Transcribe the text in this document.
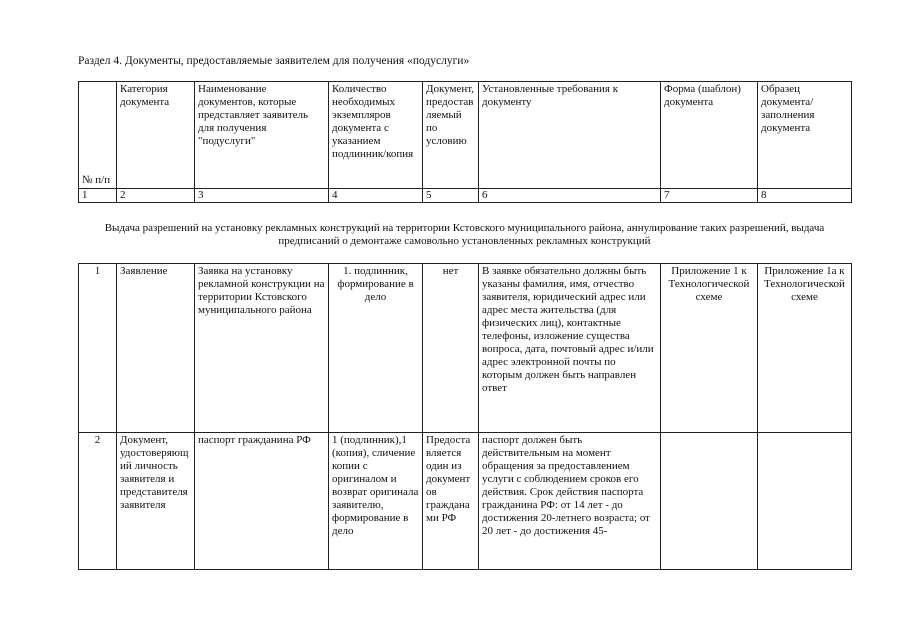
Раздел 4. Документы, предоставляемые заявителем для получения «подуслуги»
№ п/п	Категория документа	Наименование документов, которые представляет заявитель для получения "подуслуги"	Количество необходимых экземпляров документа с указанием подлинник/копия	Документ, предоставляемый по условию	Установленные требования к документу	Форма (шаблон) документа	Образец документа/заполнения документа
1	2	3	4	5	6	7	8
Выдача разрешений на установку рекламных конструкций на территории Кстовского муниципального района, аннулирование таких разрешений, выдача предписаний о демонтаже самовольно установленных рекламных конструкций
1	Заявление	Заявка на установку рекламной конструкции на территории Кстовского муниципального района	1. подлинник, формирование в дело	нет	В заявке обязательно должны быть указаны фамилия, имя, отчество заявителя, юридический адрес или адрес места жительства (для физических лиц), контактные телефоны, изложение существа вопроса, дата, почтовый адрес и/или адрес электронной почты по которым должен быть направлен ответ	Приложение 1 к Технологической схеме	Приложение 1а к Технологической схеме
2	Документ, удостоверяющий личность заявителя и представителя заявителя	паспорт гражданина РФ	1 (подлинник),1 (копия), сличение копии с оригиналом и возврат оригинала заявителю, формирование в дело	Предоставляется один из документов гражданами РФ	паспорт должен быть действительным на момент обращения за предоставлением услуги с соблюдением сроков его действия. Срок действия паспорта гражданина РФ: от 14 лет - до достижения 20-летнего возраста; от 20 лет - до достижения 45-		
